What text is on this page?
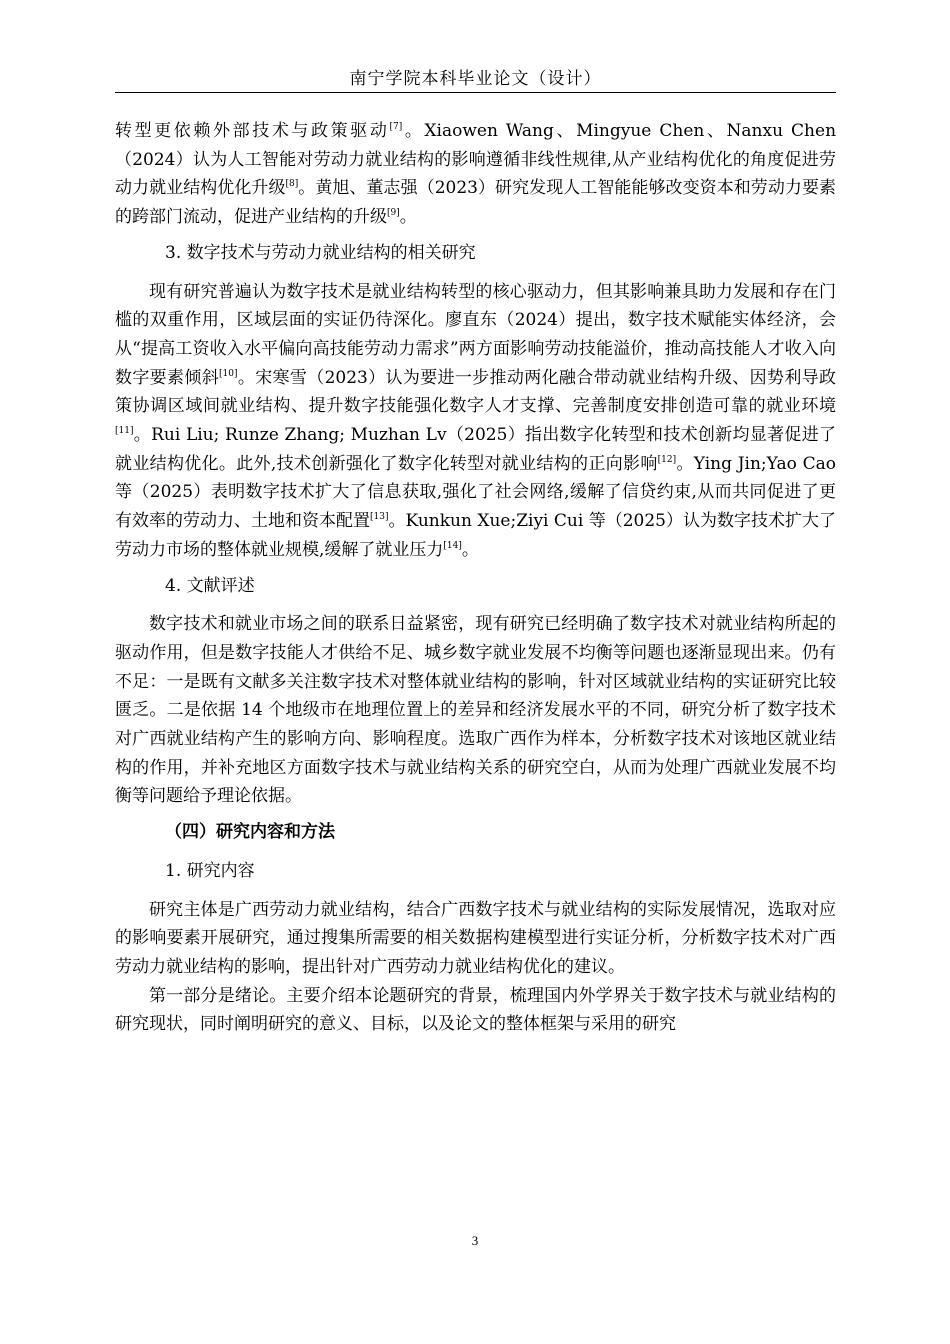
南宁学院本科毕业论文（设计）

转型更依赖外部技术与政策驱动[7]。Xiaowen Wang、Mingyue Chen、Nanxu Chen（2024）认为人工智能对劳动力就业结构的影响遵循非线性规律,从产业结构优化的角度促进劳动力就业结构优化升级[8]。黄旭、董志强（2023）研究发现人工智能能够改变资本和劳动力要素的跨部门流动，促进产业结构的升级[9]。

3. 数字技术与劳动力就业结构的相关研究

现有研究普遍认为数字技术是就业结构转型的核心驱动力，但其影响兼具助力发展和存在门槛的双重作用，区域层面的实证仍待深化。廖直东（2024）提出，数字技术赋能实体经济，会从“提高工资收入水平偏向高技能劳动力需求”两方面影响劳动技能溢价，推动高技能人才收入向数字要素倾斜[10]。宋寒雪（2023）认为要进一步推动两化融合带动就业结构升级、因势利导政策协调区域间就业结构、提升数字技能强化数字人才支撑、完善制度安排创造可靠的就业环境[11]。Rui Liu; Runze Zhang; Muzhan Lv（2025）指出数字化转型和技术创新均显著促进了就业结构优化。此外,技术创新强化了数字化转型对就业结构的正向影响[12]。Ying Jin;Yao Cao 等（2025）表明数字技术扩大了信息获取,强化了社会网络,缓解了信贷约束,从而共同促进了更有效率的劳动力、土地和资本配置[13]。Kunkun Xue;Ziyi Cui 等（2025）认为数字技术扩大了劳动力市场的整体就业规模,缓解了就业压力[14]。

4. 文献评述

数字技术和就业市场之间的联系日益紧密，现有研究已经明确了数字技术对就业结构所起的驱动作用，但是数字技能人才供给不足、城乡数字就业发展不均衡等问题也逐渐显现出来。仍有不足：一是既有文献多关注数字技术对整体就业结构的影响，针对区域就业结构的实证研究比较匮乏。二是依据 14 个地级市在地理位置上的差异和经济发展水平的不同，研究分析了数字技术对广西就业结构产生的影响方向、影响程度。选取广西作为样本，分析数字技术对该地区就业结构的作用，并补充地区方面数字技术与就业结构关系的研究空白，从而为处理广西就业发展不均衡等问题给予理论依据。

（四）研究内容和方法
1. 研究内容

研究主体是广西劳动力就业结构，结合广西数字技术与就业结构的实际发展情况，选取对应的影响要素开展研究，通过搜集所需要的相关数据构建模型进行实证分析，分析数字技术对广西劳动力就业结构的影响，提出针对广西劳动力就业结构优化的建议。

第一部分是绪论。主要介绍本论题研究的背景，梳理国内外学界关于数字技术与就业结构的研究现状，同时阐明研究的意义、目标，以及论文的整体框架与采用的研究

3
